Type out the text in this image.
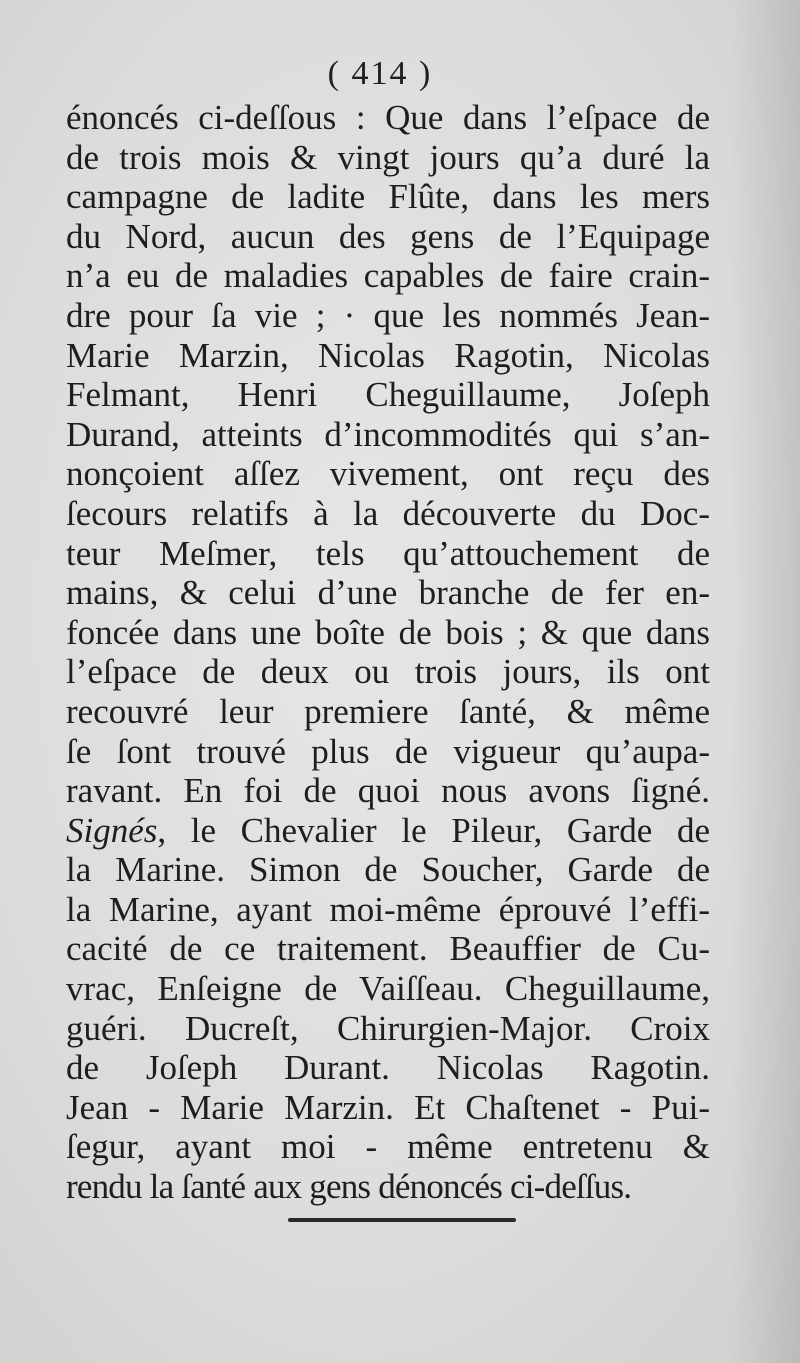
( 414 )
énoncés ci-deſſous : Que dans l’eſpace de
de trois mois & vingt jours qu’a duré la
campagne de ladite Flûte, dans les mers
du Nord, aucun des gens de l’Equipage
n’a eu de maladies capables de faire crain-
dre pour ſa vie ; · que les nommés Jean-
Marie Marzin, Nicolas Ragotin, Nicolas
Felmant, Henri Cheguillaume, Joſeph
Durand, atteints d’incommodités qui s’an-
nonçoient aſſez vivement, ont reçu des
ſecours relatifs à la découverte du Doc-
teur Meſmer, tels qu’attouchement de
mains, & celui d’une branche de fer en-
foncée dans une boîte de bois ; & que dans
l’eſpace de deux ou trois jours, ils ont
recouvré leur premiere ſanté, & même
ſe ſont trouvé plus de vigueur qu’aupa-
ravant. En foi de quoi nous avons ſigné.
Signés, le Chevalier le Pileur, Garde de
la Marine. Simon de Soucher, Garde de
la Marine, ayant moi-même éprouvé l’effi-
cacité de ce traitement. Beauffier de Cu-
vrac, Enſeigne de Vaiſſeau. Cheguillaume,
guéri. Ducreſt, Chirurgien-Major. Croix
de Joſeph Durant. Nicolas Ragotin.
Jean - Marie Marzin. Et Chaſtenet - Pui-
ſegur, ayant moi - même entretenu &
rendu la ſanté aux gens dénoncés ci-deſſus.
